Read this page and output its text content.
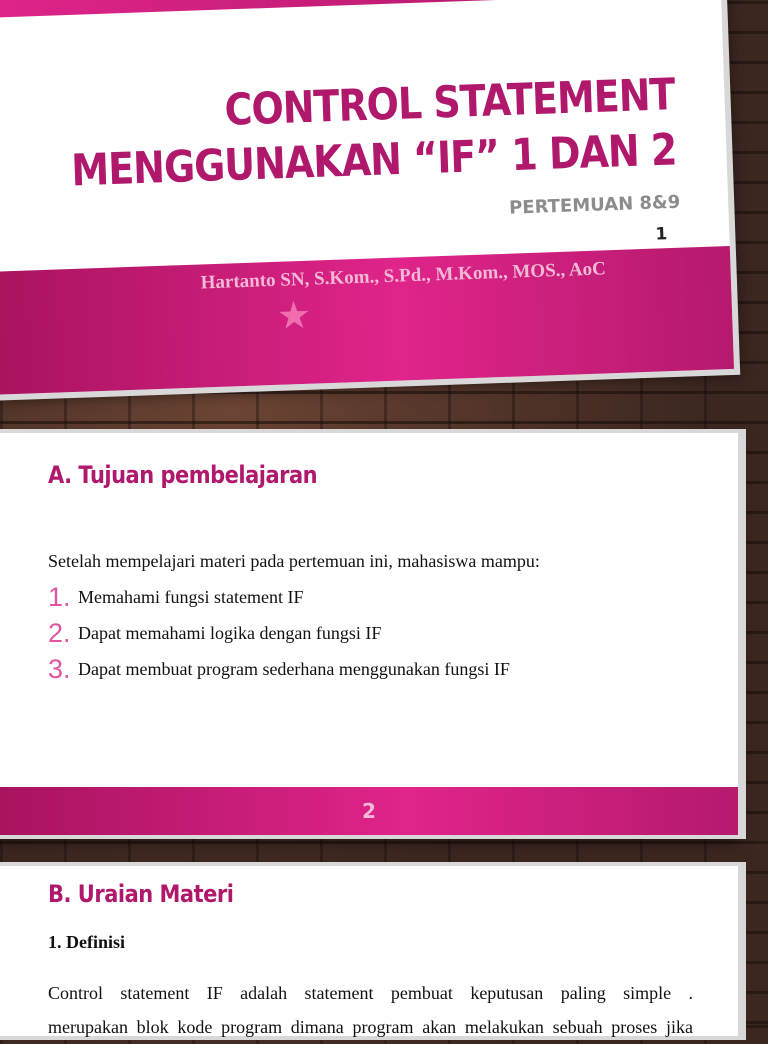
CONTROL STATEMENT
MENGGUNAKAN “IF” 1 DAN 2
PERTEMUAN 8&9
1
Hartanto SN, S.Kom., S.Pd., M.Kom., MOS., AoC
★
A. Tujuan pembelajaran
Setelah mempelajari materi pada pertemuan ini, mahasiswa mampu:
1. Memahami fungsi statement IF
2. Dapat memahami logika dengan fungsi IF
3. Dapat membuat program sederhana menggunakan fungsi IF
2
B. Uraian Materi
1. Definisi
Control statement IF adalah statement pembuat keputusan paling simple .
merupakan blok kode program dimana program akan melakukan sebuah proses jika
